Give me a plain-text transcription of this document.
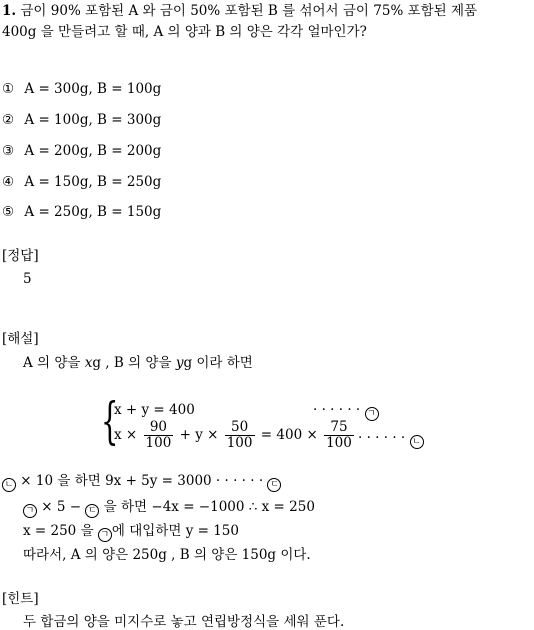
1. 금이 90% 포함된 A 와 금이 50% 포함된 B 를 섞어서 금이 75% 포함된 제품
400g 을 만들려고 할 때, A 의 양과 B 의 양은 각각 얼마인가?
① A = 300g, B = 100g
② A = 100g, B = 300g
③ A = 200g, B = 200g
④ A = 150g, B = 250g
⑤ A = 250g, B = 150g
[정답]
5
[해설]
A 의 양을 xg , B 의 양을 yg 이라 하면
{
x + y = 400	· · · · · · ㄱ
$x \times \frac{90}{100} + y \times \frac{50}{100} = 400 \times \frac{75}{100}$ · · · · · · ㄴ
ㄴ × 10 을 하면 9x + 5y = 3000 · · · · · · ㄷ
ㄱ × 5 − ㄷ 을 하면 −4x = −1000 ∴ x = 250
x = 250 을 ㄱ 에 대입하면 y = 150
따라서, A 의 양은 250g , B 의 양은 150g 이다.
[힌트]
두 합금의 양을 미지수로 놓고 연립방정식을 세워 푼다.
